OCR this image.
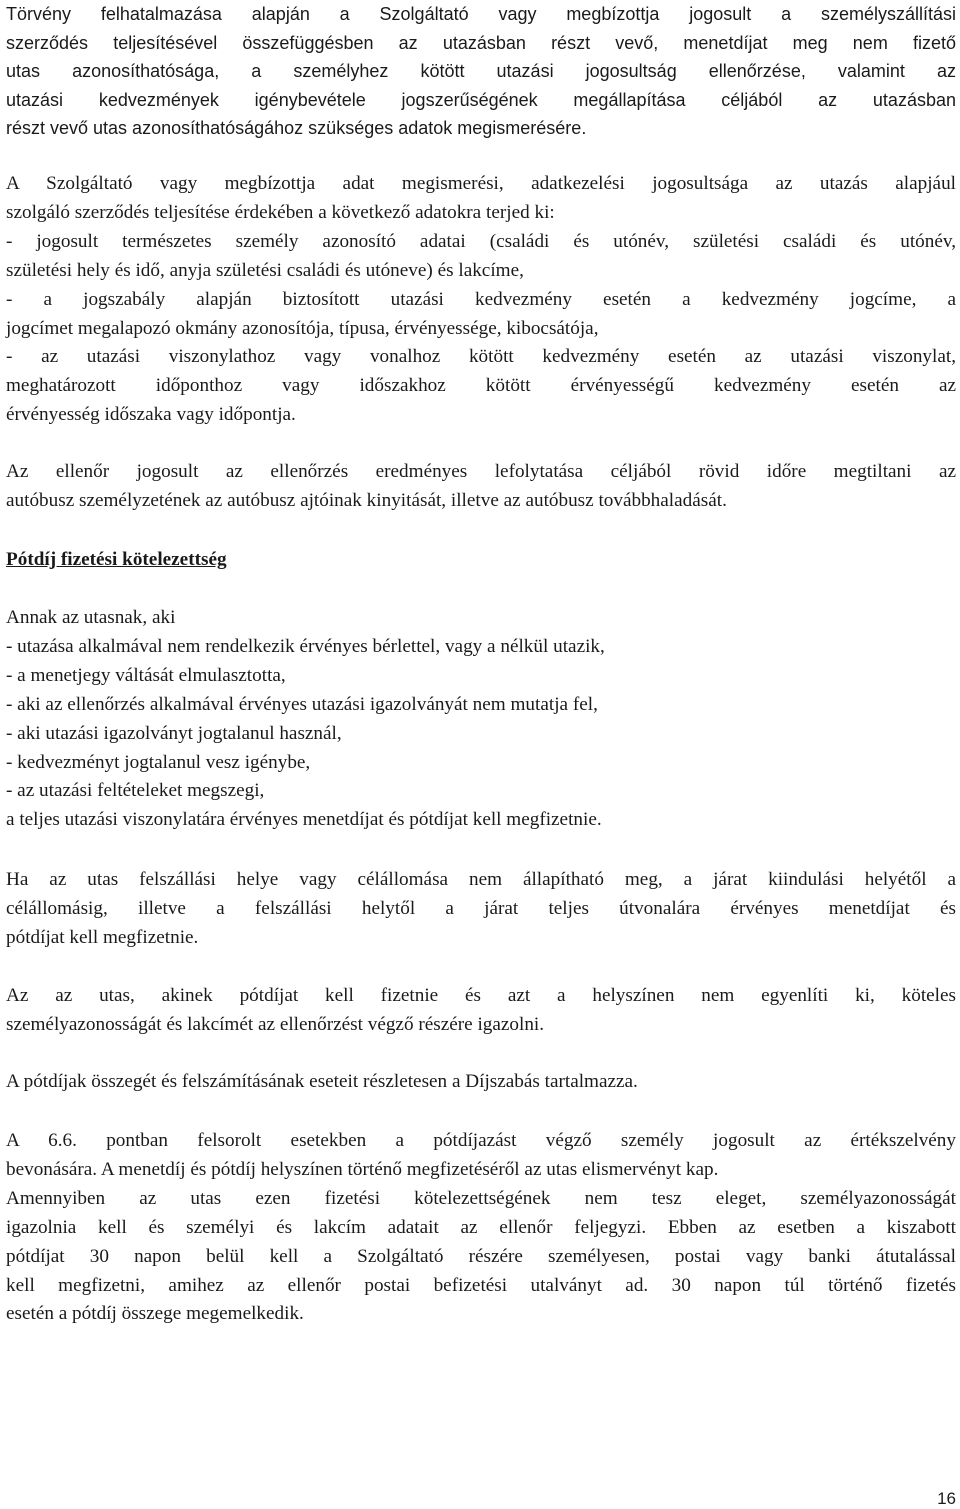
Törvény felhatalmazása alapján a Szolgáltató vagy megbízottja jogosult a személyszállítási
szerződés teljesítésével összefüggésben az utazásban részt vevő, menetdíjat meg nem fizető
utas azonosíthatósága, a személyhez kötött utazási jogosultság ellenőrzése, valamint az
utazási kedvezmények igénybevétele jogszerűségének megállapítása céljából az utazásban
részt vevő utas azonosíthatóságához szükséges adatok megismerésére.

A Szolgáltató vagy megbízottja adat megismerési, adatkezelési jogosultsága az utazás alapjául
szolgáló szerződés teljesítése érdekében a következő adatokra terjed ki:
- jogosult természetes személy azonosító adatai (családi és utónév, születési családi és utónév,
születési hely és idő, anyja születési családi és utóneve) és lakcíme,
- a jogszabály alapján biztosított utazási kedvezmény esetén a kedvezmény jogcíme, a
jogcímet megalapozó okmány azonosítója, típusa, érvényessége, kibocsátója,
- az utazási viszonylathoz vagy vonalhoz kötött kedvezmény esetén az utazási viszonylat,
meghatározott időponthoz vagy időszakhoz kötött érvényességű kedvezmény esetén az
érvényesség időszaka vagy időpontja.

Az ellenőr jogosult az ellenőrzés eredményes lefolytatása céljából rövid időre megtiltani az
autóbusz személyzetének az autóbusz ajtóinak kinyitását, illetve az autóbusz továbbhaladását.

Pótdíj fizetési kötelezettség

Annak az utasnak, aki
- utazása alkalmával nem rendelkezik érvényes bérlettel, vagy a nélkül utazik,
- a menetjegy váltását elmulasztotta,
- aki az ellenőrzés alkalmával érvényes utazási igazolványát nem mutatja fel,
- aki utazási igazolványt jogtalanul használ,
- kedvezményt jogtalanul vesz igénybe,
- az utazási feltételeket megszegi,
a teljes utazási viszonylatára érvényes menetdíjat és pótdíjat kell megfizetnie.

Ha az utas felszállási helye vagy célállomása nem állapítható meg, a járat kiindulási helyétől a
célállomásig, illetve a felszállási helytől a járat teljes útvonalára érvényes menetdíjat és
pótdíjat kell megfizetnie.

Az az utas, akinek pótdíjat kell fizetnie és azt a helyszínen nem egyenlíti ki, köteles
személyazonosságát és lakcímét az ellenőrzést végző részére igazolni.

A pótdíjak összegét és felszámításának eseteit részletesen a Díjszabás tartalmazza.

A 6.6. pontban felsorolt esetekben a pótdíjazást végző személy jogosult az értékszelvény
bevonására. A menetdíj és pótdíj helyszínen történő megfizetéséről az utas elismervényt kap.
Amennyiben az utas ezen fizetési kötelezettségének nem tesz eleget, személyazonosságát
igazolnia kell és személyi és lakcím adatait az ellenőr feljegyzi. Ebben az esetben a kiszabott
pótdíjat 30 napon belül kell a Szolgáltató részére személyesen, postai vagy banki átutalással
kell megfizetni, amihez az ellenőr postai befizetési utalványt ad. 30 napon túl történő fizetés
esetén a pótdíj összege megemelkedik.

16
